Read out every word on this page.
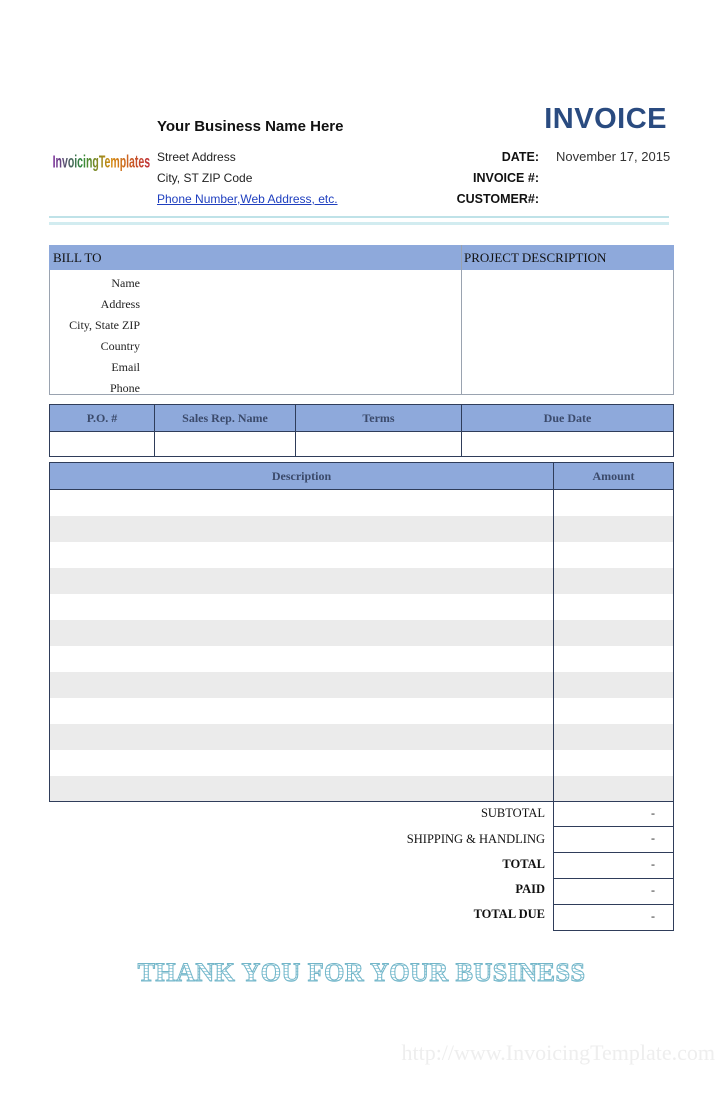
InvoicingTemplates
Your Business Name Here
Street Address
City, ST ZIP Code
Phone Number,Web Address, etc.
INVOICE
DATE: November 17, 2015
INVOICE #:
CUSTOMER#:
BILL TO	PROJECT DESCRIPTION
Name
Address
City, State ZIP
Country
Email
Phone
P.O. #	Sales Rep. Name	Terms	Due Date

Description	Amount

SUBTOTAL	-
SHIPPING & HANDLING	-
TOTAL	-
PAID	-
TOTAL DUE	-
THANK YOU FOR YOUR BUSINESS
http://www.InvoicingTemplate.com
